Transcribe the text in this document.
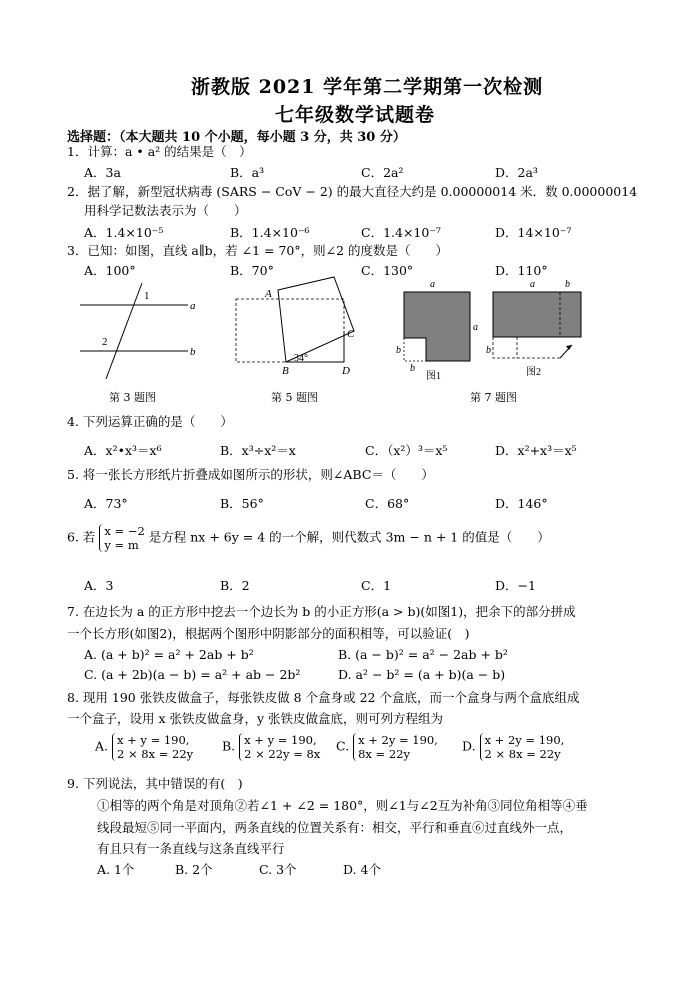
浙教版 2021 学年第二学期第一次检测
七年级数学试题卷
选择题：（本大题共 10 个小题，每小题 3 分，共 30 分）
1．计算：a • a² 的结果是（　）
A．3a	B．a³	C．2a²	D．2a³
2．据了解，新型冠状病毒 (SARS − CoV − 2) 的最大直径大约是 0.00000014 米．数 0.00000014
用科学记数法表示为（　　）
A．1.4×10⁻⁵	B．1.4×10⁻⁶	C．1.4×10⁻⁷	D．14×10⁻⁷
3．已知：如图，直线 a∥b，若 ∠1 = 70°，则∠2 的度数是（　　）
A．100°	B．70°	C．130°	D．110°
a
b
1
2
A
C
B	D
34°
a
a
b
b
图1
a	b
b
图2
第 3 题图	第 5 题图	第 7 题图
4. 下列运算正确的是（　　）
A．x²•x³＝x⁶	B．x³÷x²＝x	C．（x²）³＝x⁵	D．x²+x³＝x⁵
5. 将一张长方形纸片折叠成如图所示的形状，则∠ABC＝（　　）
A．73°	B．56°	C．68°	D．146°
6. 若 x = −2
y = m 是方程 nx + 6y = 4 的一个解，则代数式 3m − n + 1 的值是（　　）
A．3	B．2	C．1	D．−1
7. 在边长为 a 的正方形中挖去一个边长为 b 的小正方形(a > b)(如图1)，把余下的部分拼成
一个长方形(如图2)，根据两个图形中阴影部分的面积相等，可以验证(　)
A. (a + b)² = a² + 2ab + b²	B. (a − b)² = a² − 2ab + b²
C. (a + 2b)(a − b) = a² + ab − 2b²	D. a² − b² = (a + b)(a − b)
8. 现用 190 张铁皮做盒子，每张铁皮做 8 个盒身或 22 个盒底，而一个盒身与两个盒底组成
一个盒子，设用 x 张铁皮做盒身，y 张铁皮做盒底，则可列方程组为
A. x + y = 190,
2 × 8x = 22y
B. x + y = 190,
2 × 22y = 8x
C. x + 2y = 190,
8x = 22y
D. x + 2y = 190,
2 × 8x = 22y
9. 下列说法，其中错误的有(　)
①相等的两个角是对顶角②若∠1 + ∠2 = 180°，则∠1与∠2互为补角③同位角相等④垂
线段最短⑤同一平面内，两条直线的位置关系有：相交，平行和垂直⑥过直线外一点，
有且只有一条直线与这条直线平行
A. 1个	B. 2个	C. 3个	D. 4个
